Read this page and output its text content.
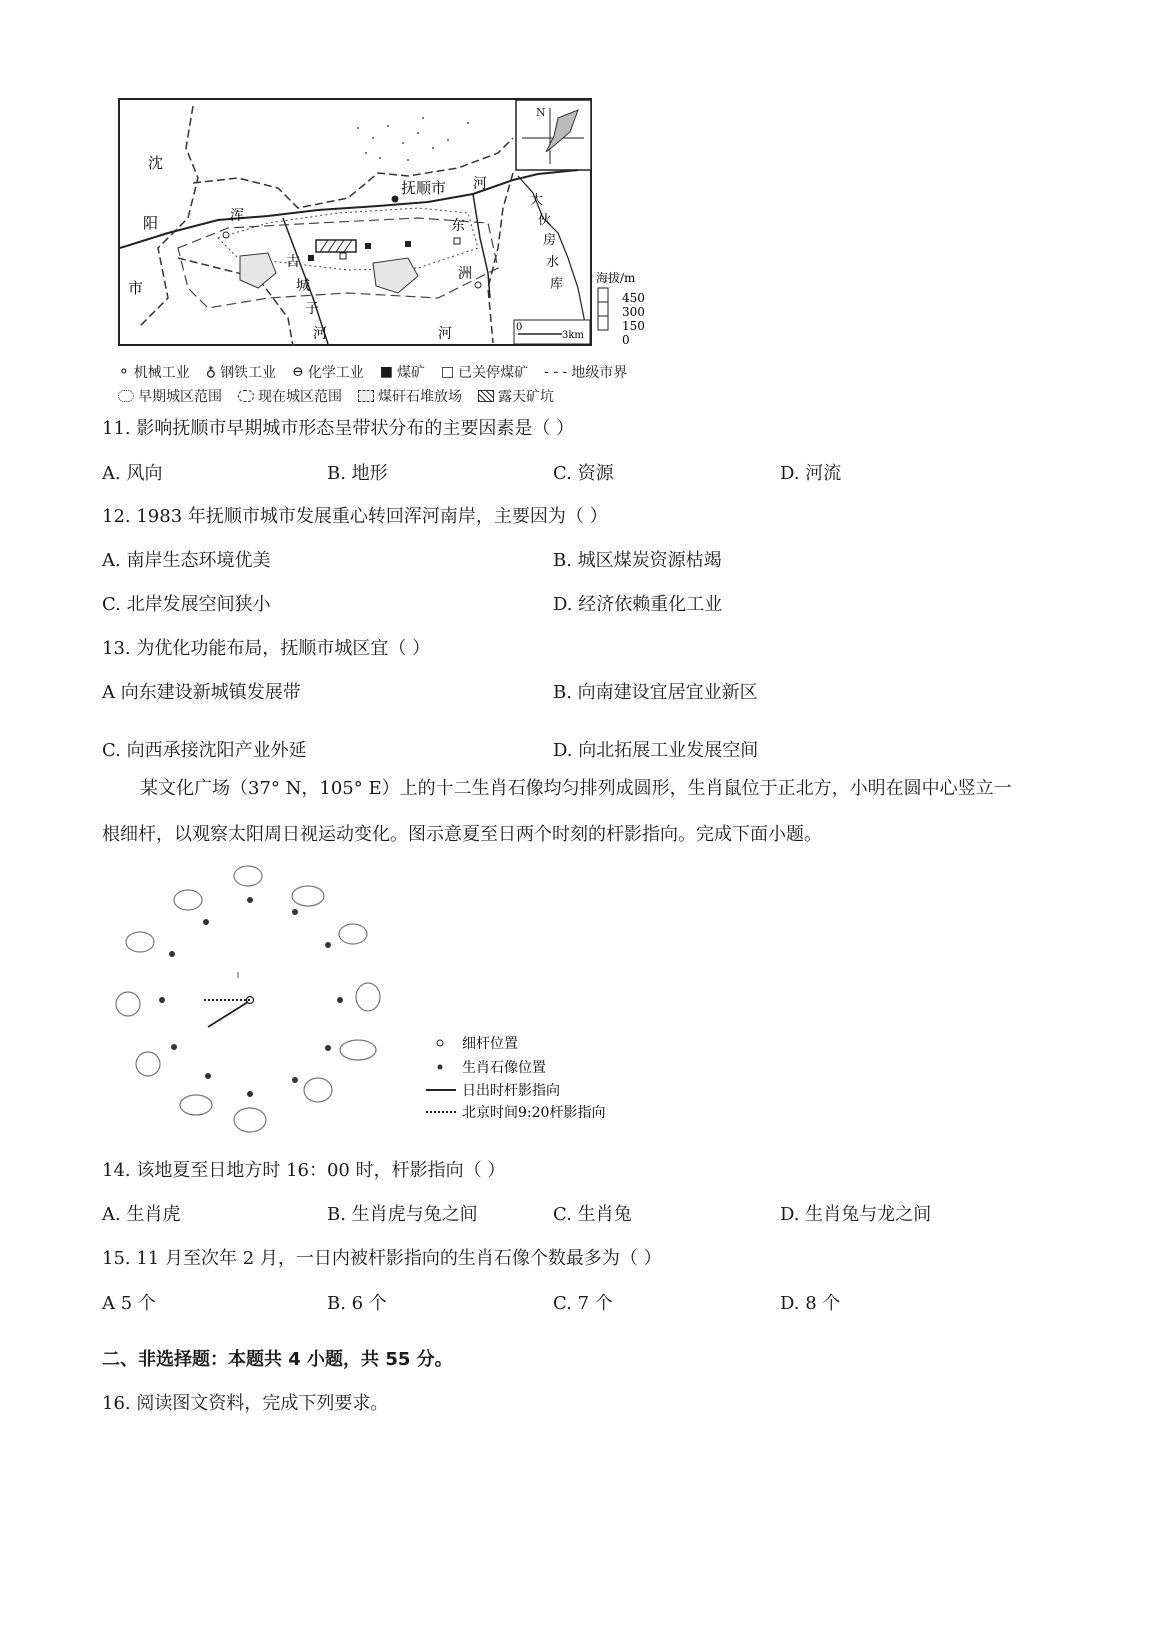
N
沈
阳
市
抚顺市 河
浑
古
城
子
河
东
洲
河
大
伙
房
水
库
0
3km
海拔/m
450
300
150
0
⚬ 机械工业 ♁ 钢铁工业 ⊖ 化学工业 ■ 煤矿 □ 已关停煤矿 - - - 地级市界
早期城区范围	现在城区范围	煤矸石堆放场	露天矿坑
11. 影响抚顺市早期城市形态呈带状分布的主要因素是（ ）
A. 风向	B. 地形	C. 资源	D. 河流
12. 1983 年抚顺市城市发展重心转回浑河南岸，主要因为（ ）
A. 南岸生态环境优美	B. 城区煤炭资源枯竭
C. 北岸发展空间狭小	D. 经济依赖重化工业
13. 为优化功能布局，抚顺市城区宜（ ）
A 向东建设新城镇发展带	B. 向南建设宜居宜业新区
C. 向西承接沈阳产业外延	D. 向北拓展工业发展空间
某文化广场（37° N，105° E）上的十二生肖石像均匀排列成圆形，生肖鼠位于正北方，小明在圆中心竖立一根细杆，以观察太阳周日视运动变化。图示意夏至日两个时刻的杆影指向。完成下面小题。
细杆位置
生肖石像位置
日出时杆影指向
北京时间9:20杆影指向
14. 该地夏至日地方时 16：00 时，杆影指向（ ）
A. 生肖虎	B. 生肖虎与兔之间	C. 生肖兔	D. 生肖兔与龙之间
15. 11 月至次年 2 月，一日内被杆影指向的生肖石像个数最多为（ ）
A 5 个	B. 6 个	C. 7 个	D. 8 个
二、非选择题：本题共 4 小题，共 55 分。
16. 阅读图文资料，完成下列要求。
